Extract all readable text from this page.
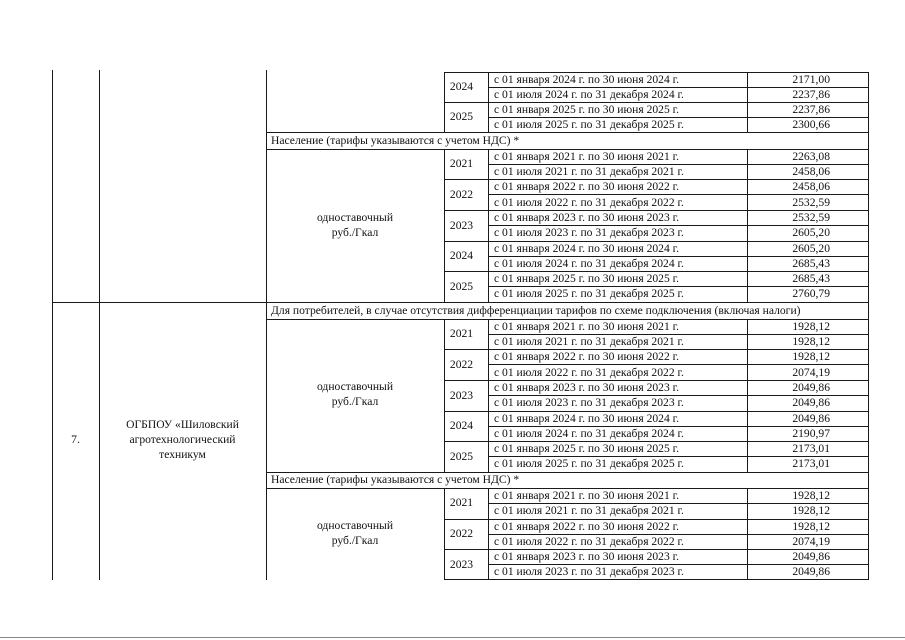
2024
с 01 января 2024 г. по 30 июня 2024 г.	2171,00
с 01 июля 2024 г. по 31 декабря 2024 г.	2237,86
2025
с 01 января 2025 г. по 30 июня 2025 г.	2237,86
с 01 июля 2025 г. по 31 декабря 2025 г.	2300,66
Население (тарифы указываются с учетом НДС) *
одноставочный
руб./Гкал
2021
с 01 января 2021 г. по 30 июня 2021 г.	2263,08
с 01 июля 2021 г. по 31 декабря 2021 г.	2458,06
2022
с 01 января 2022 г. по 30 июня 2022 г.	2458,06
с 01 июля 2022 г. по 31 декабря 2022 г.	2532,59
2023
с 01 января 2023 г. по 30 июня 2023 г.	2532,59
с 01 июля 2023 г. по 31 декабря 2023 г.	2605,20
2024
с 01 января 2024 г. по 30 июня 2024 г.	2605,20
с 01 июля 2024 г. по 31 декабря 2024 г.	2685,43
2025
с 01 января 2025 г. по 30 июня 2025 г.	2685,43
с 01 июля 2025 г. по 31 декабря 2025 г.	2760,79
7.
ОГБПОУ «Шиловский
агротехнологический
техникум
Для потребителей, в случае отсутствия дифференциации тарифов по схеме подключения (включая налоги)
одноставочный
руб./Гкал
2021
с 01 января 2021 г. по 30 июня 2021 г.	1928,12
с 01 июля 2021 г. по 31 декабря 2021 г.	1928,12
2022
с 01 января 2022 г. по 30 июня 2022 г.	1928,12
с 01 июля 2022 г. по 31 декабря 2022 г.	2074,19
2023
с 01 января 2023 г. по 30 июня 2023 г.	2049,86
с 01 июля 2023 г. по 31 декабря 2023 г.	2049,86
2024
с 01 января 2024 г. по 30 июня 2024 г.	2049,86
с 01 июля 2024 г. по 31 декабря 2024 г.	2190,97
2025
с 01 января 2025 г. по 30 июня 2025 г.	2173,01
с 01 июля 2025 г. по 31 декабря 2025 г.	2173,01
Население (тарифы указываются с учетом НДС) *
одноставочный
руб./Гкал
2021
с 01 января 2021 г. по 30 июня 2021 г.	1928,12
с 01 июля 2021 г. по 31 декабря 2021 г.	1928,12
2022
с 01 января 2022 г. по 30 июня 2022 г.	1928,12
с 01 июля 2022 г. по 31 декабря 2022 г.	2074,19
2023
с 01 января 2023 г. по 30 июня 2023 г.	2049,86
с 01 июля 2023 г. по 31 декабря 2023 г.	2049,86
